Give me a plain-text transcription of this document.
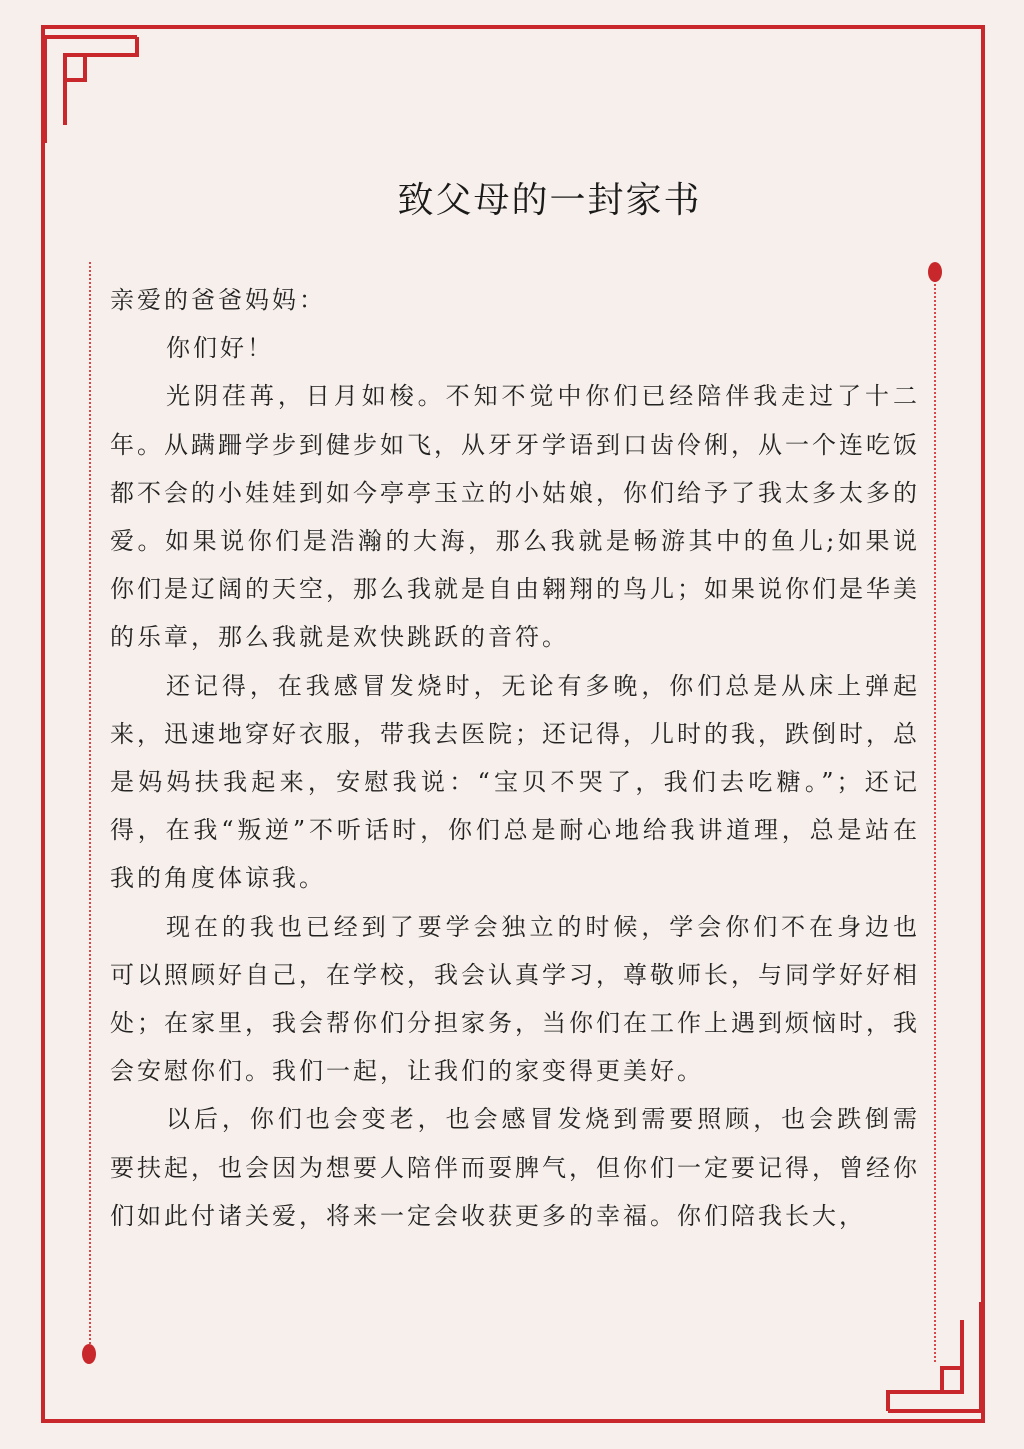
致父母的一封家书

亲爱的爸爸妈妈：

你们好！

光阴荏苒，日月如梭。不知不觉中你们已经陪伴我走过了十二年。从蹒跚学步到健步如飞，从牙牙学语到口齿伶俐，从一个连吃饭都不会的小娃娃到如今亭亭玉立的小姑娘，你们给予了我太多太多的爱。如果说你们是浩瀚的大海，那么我就是畅游其中的鱼儿;如果说你们是辽阔的天空，那么我就是自由翱翔的鸟儿；如果说你们是华美的乐章，那么我就是欢快跳跃的音符。

还记得，在我感冒发烧时，无论有多晚，你们总是从床上弹起来，迅速地穿好衣服，带我去医院；还记得，儿时的我，跌倒时，总是妈妈扶我起来，安慰我说：“宝贝不哭了，我们去吃糖。”；还记得，在我“叛逆”不听话时，你们总是耐心地给我讲道理，总是站在我的角度体谅我。

现在的我也已经到了要学会独立的时候，学会你们不在身边也可以照顾好自己，在学校，我会认真学习，尊敬师长，与同学好好相处；在家里，我会帮你们分担家务，当你们在工作上遇到烦恼时，我会安慰你们。我们一起，让我们的家变得更美好。

以后，你们也会变老，也会感冒发烧到需要照顾，也会跌倒需要扶起，也会因为想要人陪伴而耍脾气，但你们一定要记得，曾经你们如此付诸关爱，将来一定会收获更多的幸福。你们陪我长大，
